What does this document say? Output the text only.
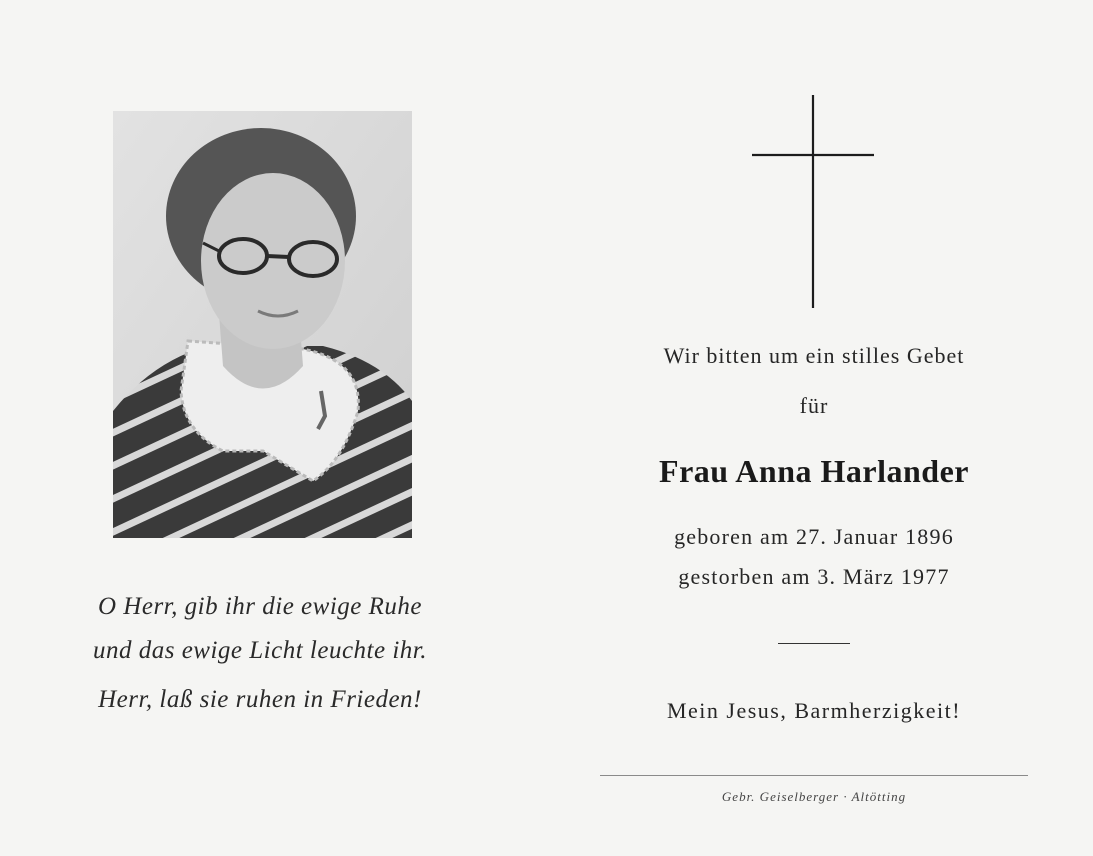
O Herr, gib ihr die ewige Ruhe
und das ewige Licht leuchte ihr.
Herr, laß sie ruhen in Frieden!
Wir bitten um ein stilles Gebet
für
Frau Anna Harlander
geboren am 27. Januar 1896
gestorben am 3. März 1977
Mein Jesus, Barmherzigkeit!
Gebr. Geiselberger · Altötting
